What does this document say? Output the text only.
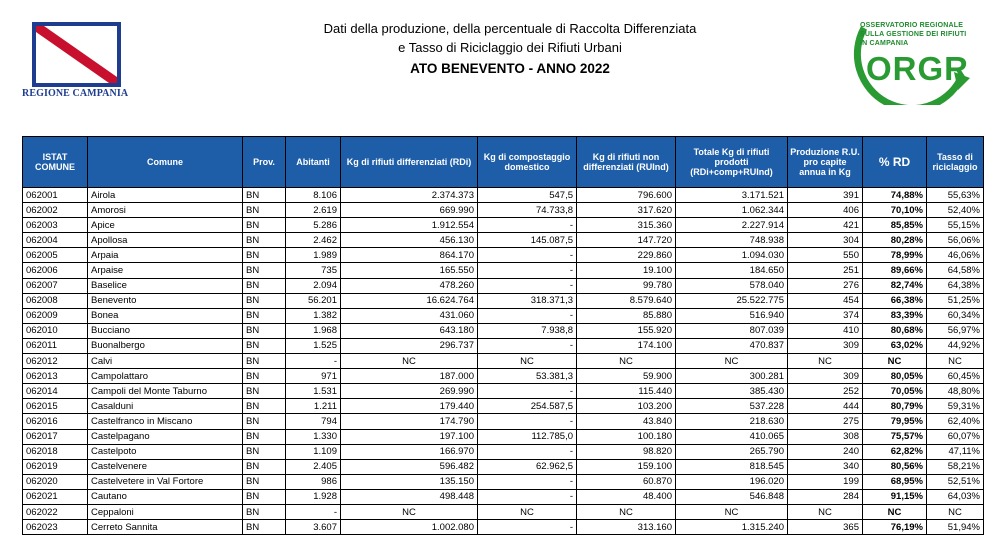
REGIONE CAMPANIA
Dati della produzione, della percentuale di Raccolta Differenziata
e Tasso di Riciclaggio dei Rifiuti Urbani
ATO BENEVENTO - ANNO 2022
OSSERVATORIO REGIONALE
SULLA GESTIONE DEI RIFIUTI
IN CAMPANIA
ORGR
ISTAT COMUNE	Comune	Prov.	Abitanti	Kg di rifiuti differenziati (RDi)	Kg di compostaggio domestico	Kg di rifiuti non differenziati (RUInd)	Totale Kg di rifiuti prodotti (RDi+comp+RUInd)	Produzione R.U. pro capite annua in Kg	% RD	Tasso di riciclaggio
062001	Airola	BN	8.106	2.374.373	547,5	796.600	3.171.521	391	74,88%	55,63%
062002	Amorosi	BN	2.619	669.990	74.733,8	317.620	1.062.344	406	70,10%	52,40%
062003	Apice	BN	5.286	1.912.554	-	315.360	2.227.914	421	85,85%	55,15%
062004	Apollosa	BN	2.462	456.130	145.087,5	147.720	748.938	304	80,28%	56,06%
062005	Arpaia	BN	1.989	864.170	-	229.860	1.094.030	550	78,99%	46,06%
062006	Arpaise	BN	735	165.550	-	19.100	184.650	251	89,66%	64,58%
062007	Baselice	BN	2.094	478.260	-	99.780	578.040	276	82,74%	64,38%
062008	Benevento	BN	56.201	16.624.764	318.371,3	8.579.640	25.522.775	454	66,38%	51,25%
062009	Bonea	BN	1.382	431.060	-	85.880	516.940	374	83,39%	60,34%
062010	Bucciano	BN	1.968	643.180	7.938,8	155.920	807.039	410	80,68%	56,97%
062011	Buonalbergo	BN	1.525	296.737	-	174.100	470.837	309	63,02%	44,92%
062012	Calvi	BN	-	NC	NC	NC	NC	NC	NC	NC
062013	Campolattaro	BN	971	187.000	53.381,3	59.900	300.281	309	80,05%	60,45%
062014	Campoli del Monte Taburno	BN	1.531	269.990	-	115.440	385.430	252	70,05%	48,80%
062015	Casalduni	BN	1.211	179.440	254.587,5	103.200	537.228	444	80,79%	59,31%
062016	Castelfranco in Miscano	BN	794	174.790	-	43.840	218.630	275	79,95%	62,40%
062017	Castelpagano	BN	1.330	197.100	112.785,0	100.180	410.065	308	75,57%	60,07%
062018	Castelpoto	BN	1.109	166.970	-	98.820	265.790	240	62,82%	47,11%
062019	Castelvenere	BN	2.405	596.482	62.962,5	159.100	818.545	340	80,56%	58,21%
062020	Castelvetere in Val Fortore	BN	986	135.150	-	60.870	196.020	199	68,95%	52,51%
062021	Cautano	BN	1.928	498.448	-	48.400	546.848	284	91,15%	64,03%
062022	Ceppaloni	BN	-	NC	NC	NC	NC	NC	NC	NC
062023	Cerreto Sannita	BN	3.607	1.002.080	-	313.160	1.315.240	365	76,19%	51,94%
